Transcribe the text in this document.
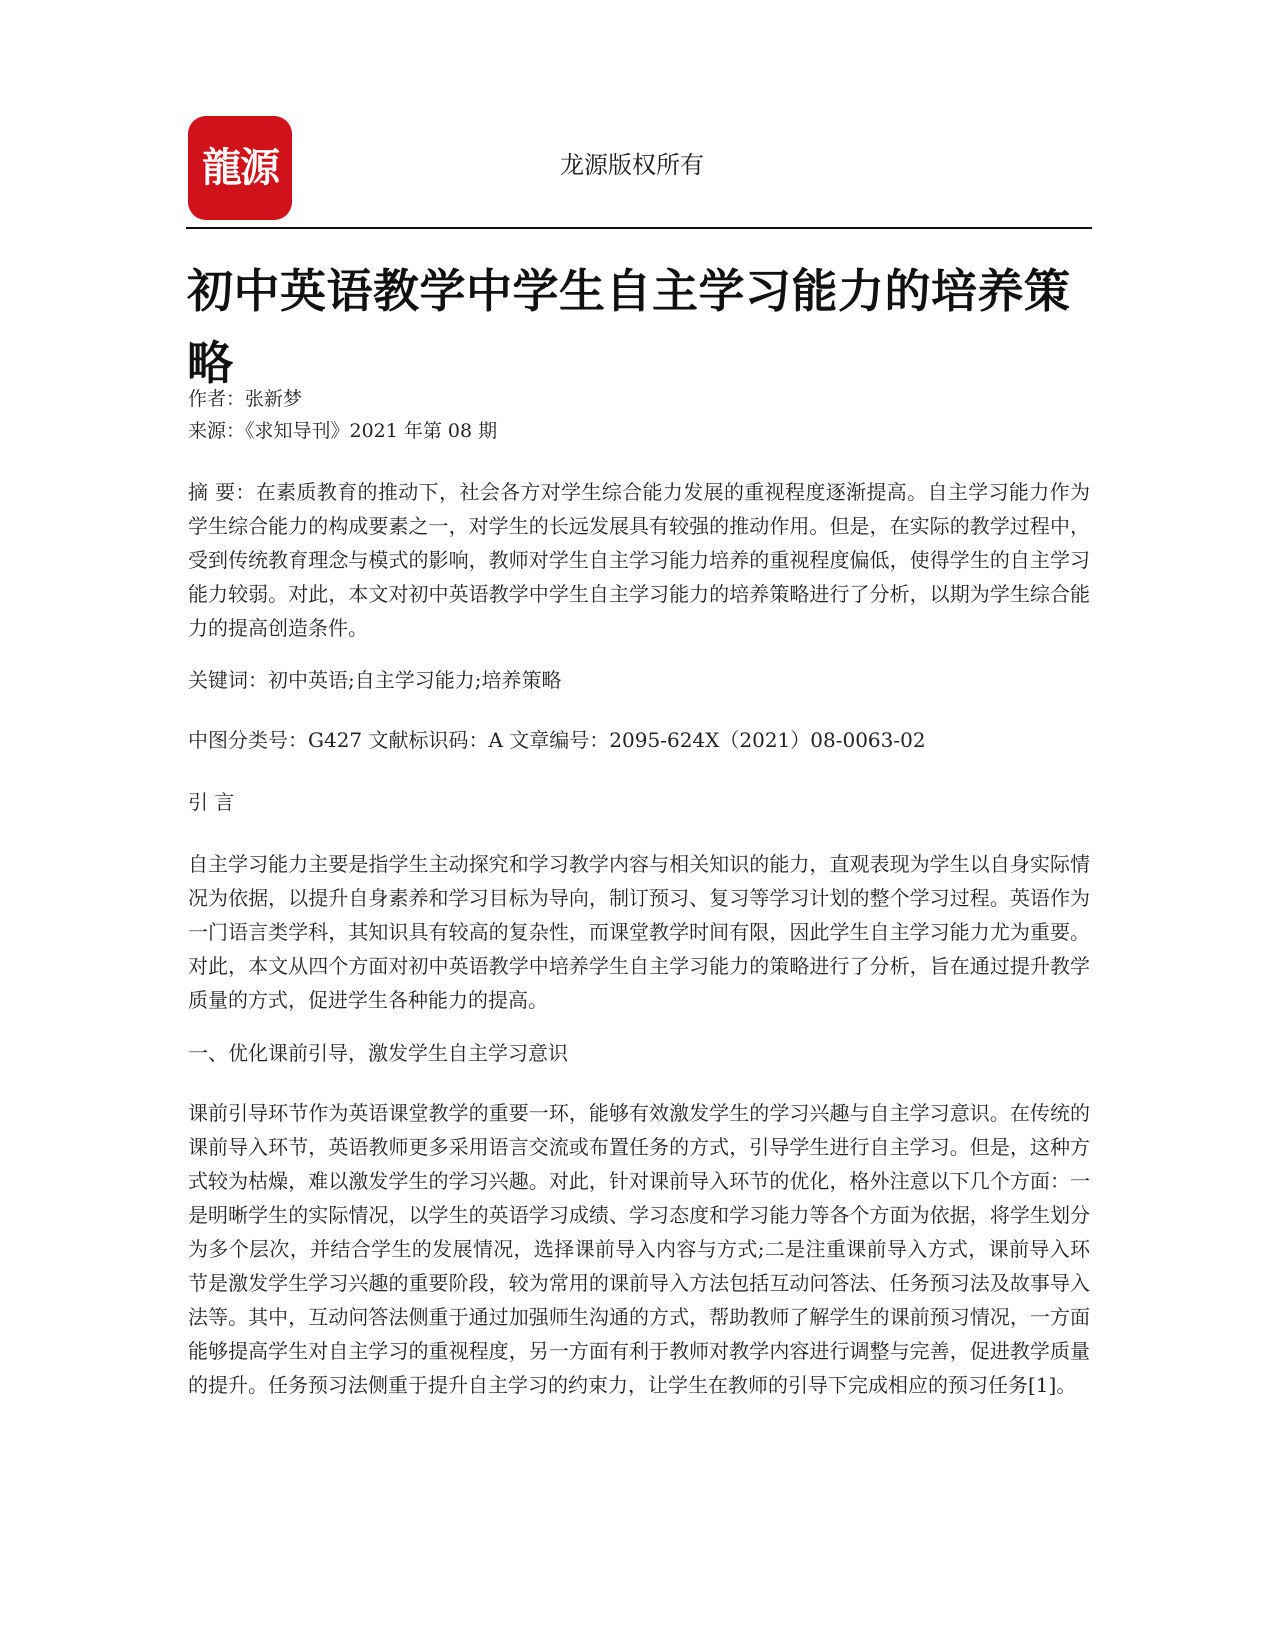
龍源	龙源版权所有
初中英语教学中学生自主学习能力的培养策略
作者：张新梦
来源：《求知导刊》2021 年第 08 期

摘 要：在素质教育的推动下，社会各方对学生综合能力发展的重视程度逐渐提高。自主学习能力作为学生综合能力的构成要素之一，对学生的长远发展具有较强的推动作用。但是，在实际的教学过程中，受到传统教育理念与模式的影响，教师对学生自主学习能力培养的重视程度偏低，使得学生的自主学习能力较弱。对此，本文对初中英语教学中学生自主学习能力的培养策略进行了分析，以期为学生综合能力的提高创造条件。

关键词：初中英语;自主学习能力;培养策略
中图分类号：G427 文献标识码：A 文章编号：2095-624X（2021）08-0063-02
引 言

自主学习能力主要是指学生主动探究和学习教学内容与相关知识的能力，直观表现为学生以自身实际情况为依据，以提升自身素养和学习目标为导向，制订预习、复习等学习计划的整个学习过程。英语作为一门语言类学科，其知识具有较高的复杂性，而课堂教学时间有限，因此学生自主学习能力尤为重要。对此，本文从四个方面对初中英语教学中培养学生自主学习能力的策略进行了分析，旨在通过提升教学质量的方式，促进学生各种能力的提高。

一、优化课前引导，激发学生自主学习意识

课前引导环节作为英语课堂教学的重要一环，能够有效激发学生的学习兴趣与自主学习意识。在传统的课前导入环节，英语教师更多采用语言交流或布置任务的方式，引导学生进行自主学习。但是，这种方式较为枯燥，难以激发学生的学习兴趣。对此，针对课前导入环节的优化，格外注意以下几个方面：一是明晰学生的实际情况，以学生的英语学习成绩、学习态度和学习能力等各个方面为依据，将学生划分为多个层次，并结合学生的发展情况，选择课前导入内容与方式;二是注重课前导入方式，课前导入环节是激发学生学习兴趣的重要阶段，较为常用的课前导入方法包括互动问答法、任务预习法及故事导入法等。其中，互动问答法侧重于通过加强师生沟通的方式，帮助教师了解学生的课前预习情况，一方面能够提高学生对自主学习的重视程度，另一方面有利于教师对教学内容进行调整与完善，促进教学质量的提升。任务预习法侧重于提升自主学习的约束力，让学生在教师的引导下完成相应的预习任务[1]。
